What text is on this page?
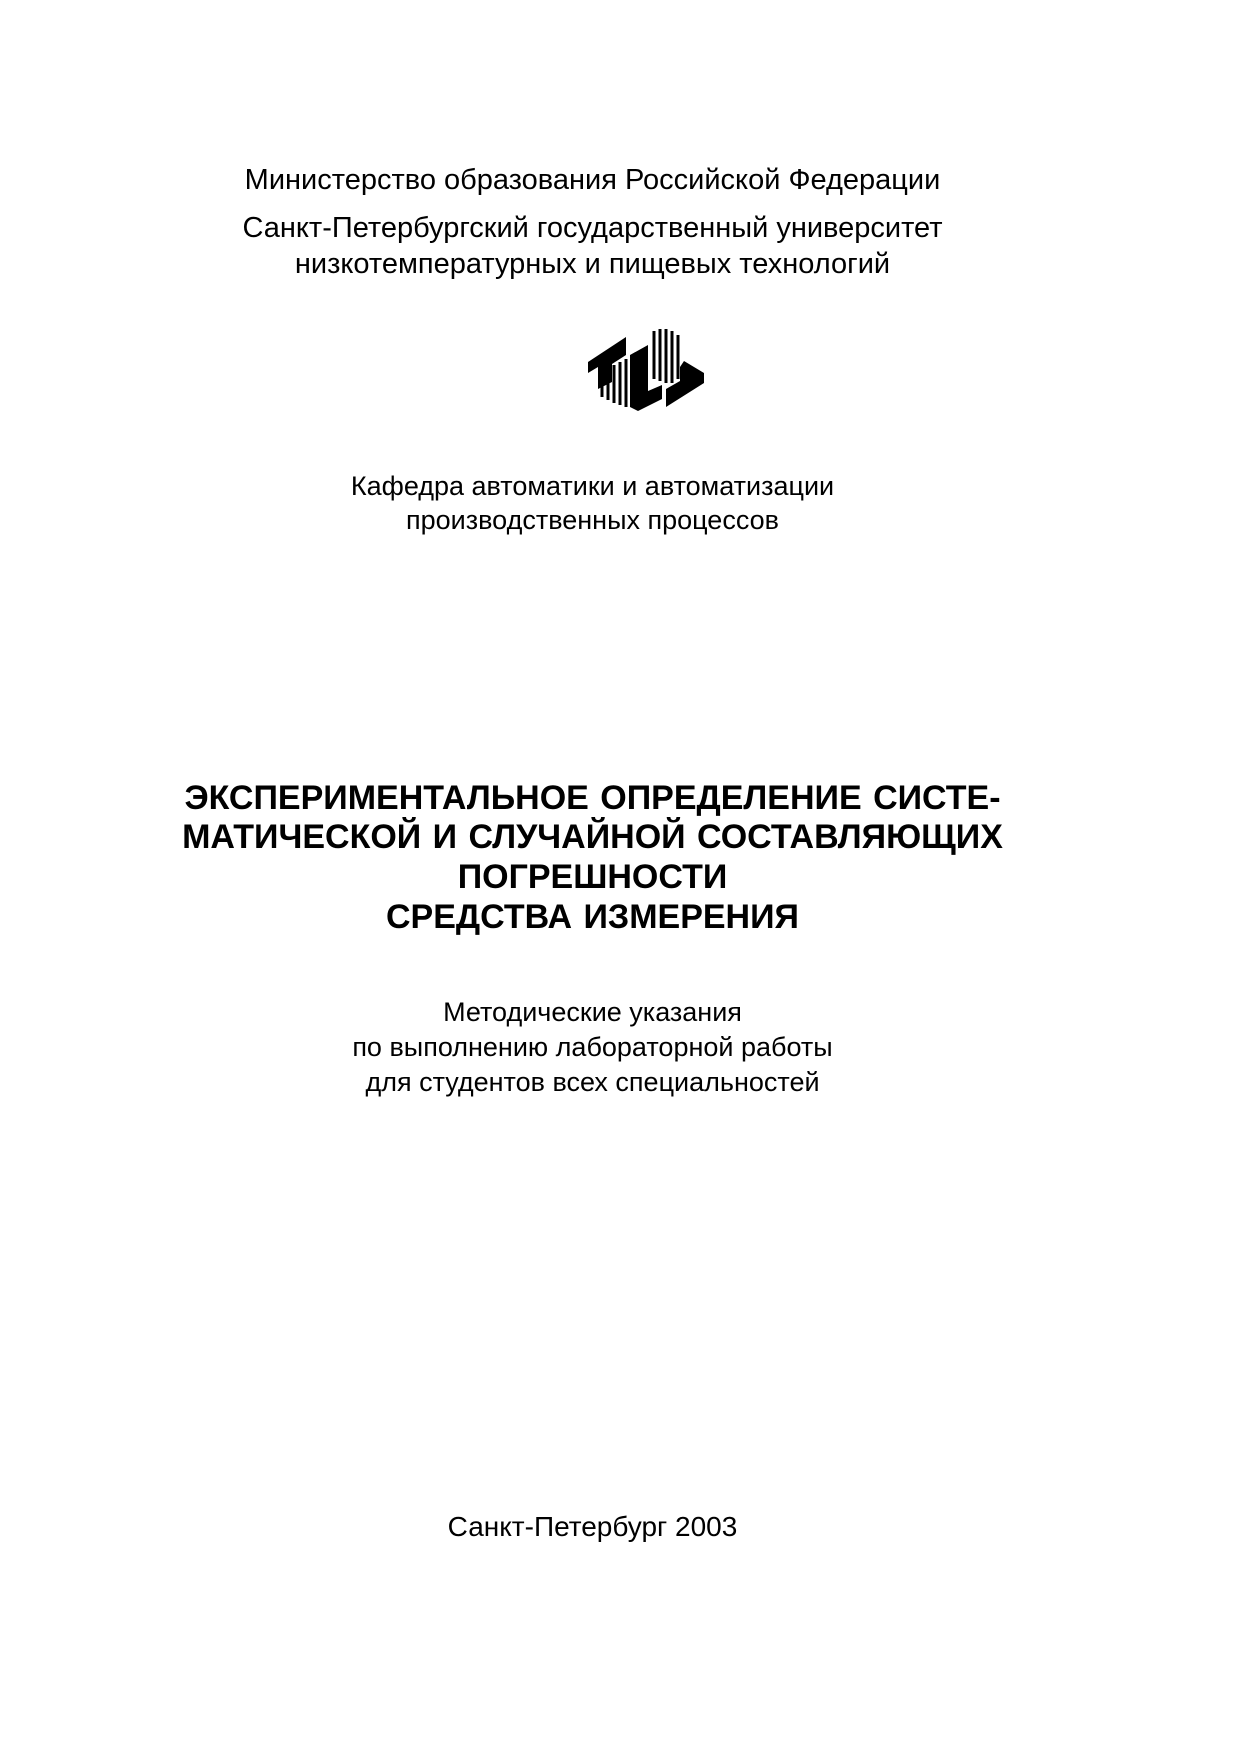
Министерство образования Российской Федерации
Санкт-Петербургский государственный университет
низкотемпературных и пищевых технологий
Кафедра автоматики и автоматизации
производственных процессов
ЭКСПЕРИМЕНТАЛЬНОЕ ОПРЕДЕЛЕНИЕ СИСТЕ-
МАТИЧЕСКОЙ И СЛУЧАЙНОЙ СОСТАВЛЯЮЩИХ
ПОГРЕШНОСТИ
СРЕДСТВА ИЗМЕРЕНИЯ
Методические указания
по выполнению лабораторной работы
для студентов всех специальностей
Санкт-Петербург 2003
